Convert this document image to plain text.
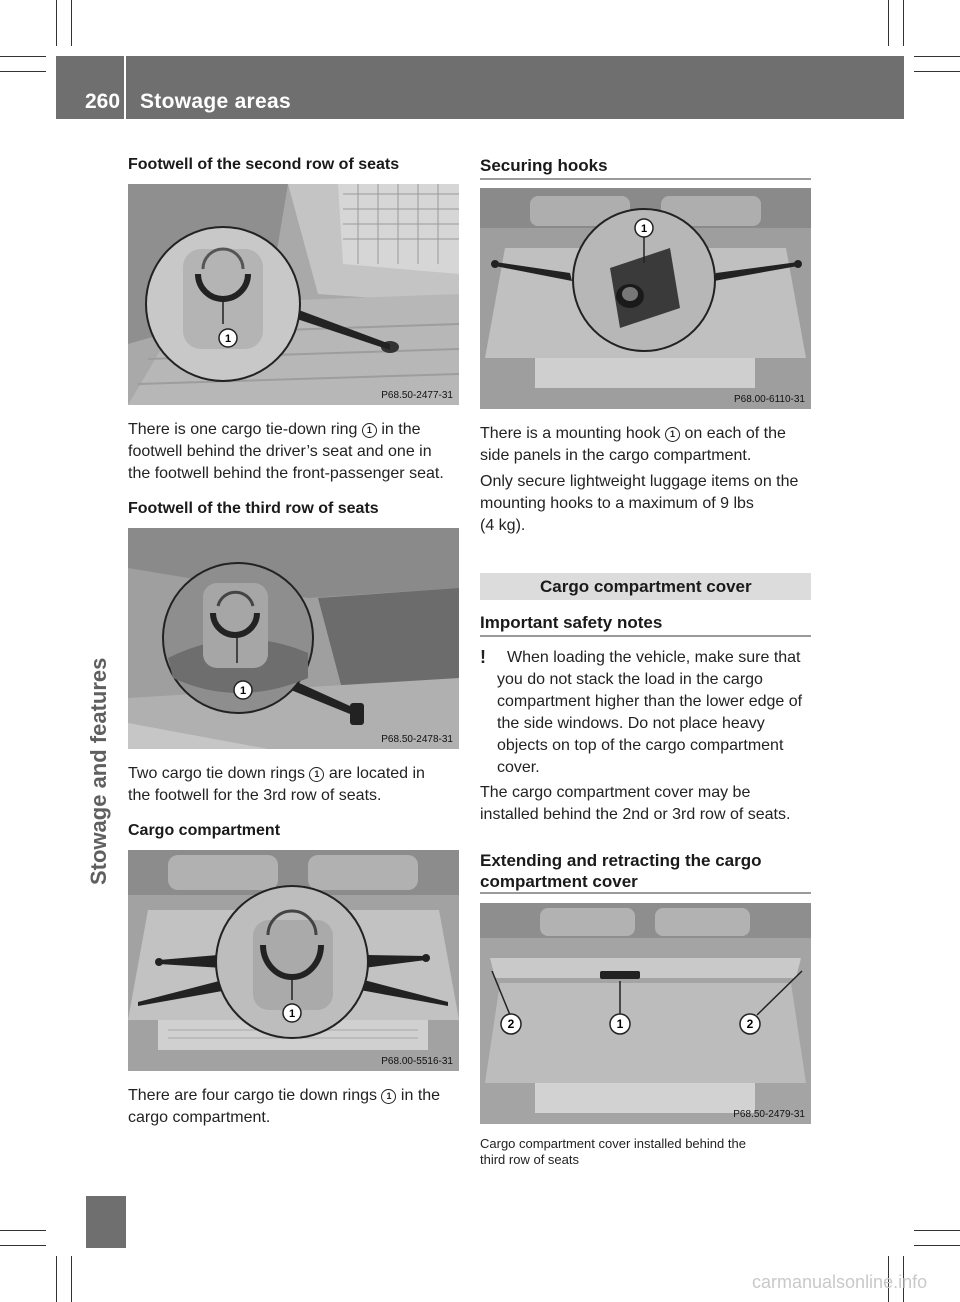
260 Stowage areas
Stowage and features
Footwell of the second row of seats
1
P68.50-2477-31
There is one cargo tie-down ring 1 in the
footwell behind the driver’s seat and one in
the footwell behind the front-passenger seat.
Footwell of the third row of seats
1
P68.50-2478-31
Two cargo tie down rings 1 are located in
the footwell for the 3rd row of seats.
Cargo compartment
1
P68.00-5516-31
There are four cargo tie down rings 1 in the
cargo compartment.
Securing hooks
1
P68.00-6110-31
There is a mounting hook 1 on each of the
side panels in the cargo compartment.
Only secure lightweight luggage items on the
mounting hooks to a maximum of 9 lbs
(4 kg).
Cargo compartment cover
Important safety notes
! When loading the vehicle, make sure that
you do not stack the load in the cargo
compartment higher than the lower edge of
the side windows. Do not place heavy
objects on top of the cargo compartment
cover.
The cargo compartment cover may be
installed behind the 2nd or 3rd row of seats.
Extending and retracting the cargo
compartment cover
2	1	2
P68.50-2479-31
Cargo compartment cover installed behind the
third row of seats
carmanualsonline.info
